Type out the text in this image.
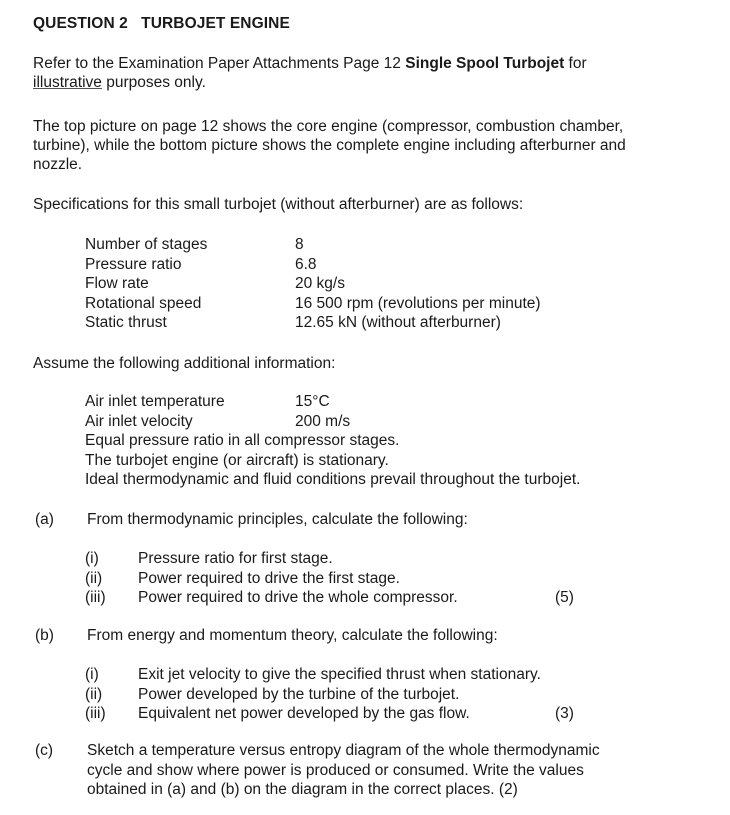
QUESTION 2 TURBOJET ENGINE
Refer to the Examination Paper Attachments Page 12 Single Spool Turbojet for
illustrative purposes only.
The top picture on page 12 shows the core engine (compressor, combustion chamber,
turbine), while the bottom picture shows the complete engine including afterburner and
nozzle.
Specifications for this small turbojet (without afterburner) are as follows:
Number of stages	8
Pressure ratio	6.8
Flow rate	20 kg/s
Rotational speed	16 500 rpm (revolutions per minute)
Static thrust	12.65 kN (without afterburner)
Assume the following additional information:
Air inlet temperature	15°C
Air inlet velocity	200 m/s
Equal pressure ratio in all compressor stages.
The turbojet engine (or aircraft) is stationary.
Ideal thermodynamic and fluid conditions prevail throughout the turbojet.
(a) From thermodynamic principles, calculate the following:
(i)	Pressure ratio for first stage.
(ii) Power required to drive the first stage.
(iii) Power required to drive the whole compressor.	(5)
(b) From energy and momentum theory, calculate the following:
(i)	Exit jet velocity to give the specified thrust when stationary.
(ii) Power developed by the turbine of the turbojet.
(iii) Equivalent net power developed by the gas flow.	(3)
(c) Sketch a temperature versus entropy diagram of the whole thermodynamic
cycle and show where power is produced or consumed. Write the values
obtained in (a) and (b) on the diagram in the correct places. (2)
